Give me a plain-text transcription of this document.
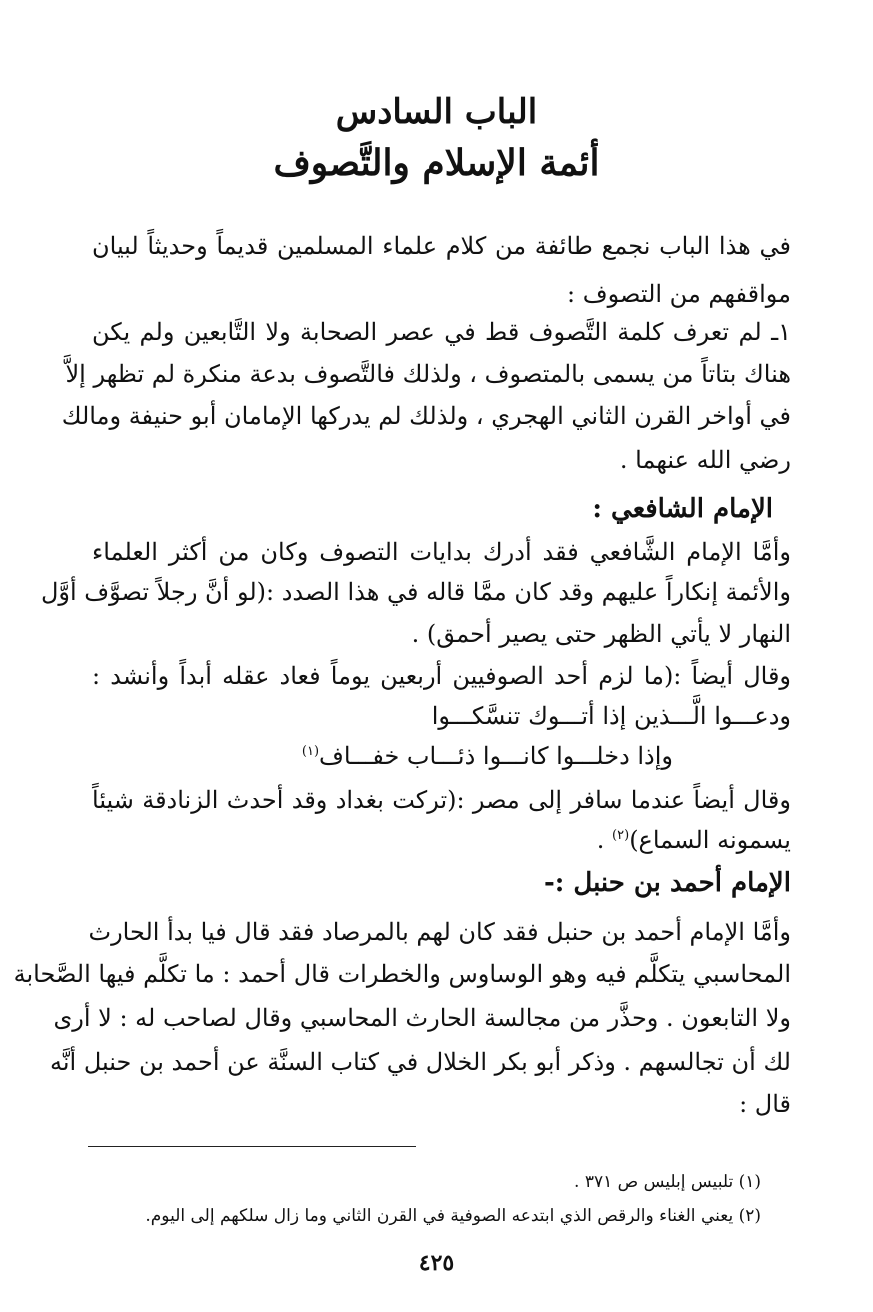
الباب السادس
أئمة الإسلام والتَّصوف
في هذا الباب نجمع طائفة من كلام علماء المسلمين قديماً وحديثاً لبيان
مواقفهم من التصوف :
١ـ لم تعرف كلمة التَّصوف قط في عصر الصحابة ولا التَّابعين ولم يكن
هناك بتاتاً من يسمى بالمتصوف ، ولذلك فالتَّصوف بدعة منكرة لم تظهر إلاَّ
في أواخر القرن الثاني الهجري ، ولذلك لم يدركها الإمامان أبو حنيفة ومالك
رضي الله عنهما .
الإمام الشافعي :
وأمَّا الإمام الشَّافعي فقد أدرك بدايات التصوف وكان من أكثر العلماء
والأئمة إنكاراً عليهم وقد كان ممَّا قاله في هذا الصدد :(لو أنَّ رجلاً تصوَّف أوَّل
النهار لا يأتي الظهر حتى يصير أحمق) .
وقال أيضاً :(ما لزم أحد الصوفيين أربعين يوماً فعاد عقله أبداً وأنشد :
ودعـــوا الَّـــذين إذا أتـــوك تنسَّكـــوا
وإذا دخلـــوا كانـــوا ذئـــاب خفـــاف$^{(١)}$
وقال أيضاً عندما سافر إلى مصر :(تركت بغداد وقد أحدث الزنادقة شيئاً
يسمونه السماع)$^{(٢)}$ .
الإمام أحمد بن حنبل :-
وأمَّا الإمام أحمد بن حنبل فقد كان لهم بالمرصاد فقد قال فيا بدأ الحارث
المحاسبي يتكلَّم فيه وهو الوساوس والخطرات قال أحمد : ما تكلَّم فيها الصَّحابة
ولا التابعون . وحذَّر من مجالسة الحارث المحاسبي وقال لصاحب له : لا أرى
لك أن تجالسهم . وذكر أبو بكر الخلال في كتاب السنَّة عن أحمد بن حنبل أنَّه
قال :
(١) تلبيس إبليس ص ٣٧١ .
(٢) يعني الغناء والرقص الذي ابتدعه الصوفية في القرن الثاني وما زال سلكهم إلى اليوم.
٤٢٥
